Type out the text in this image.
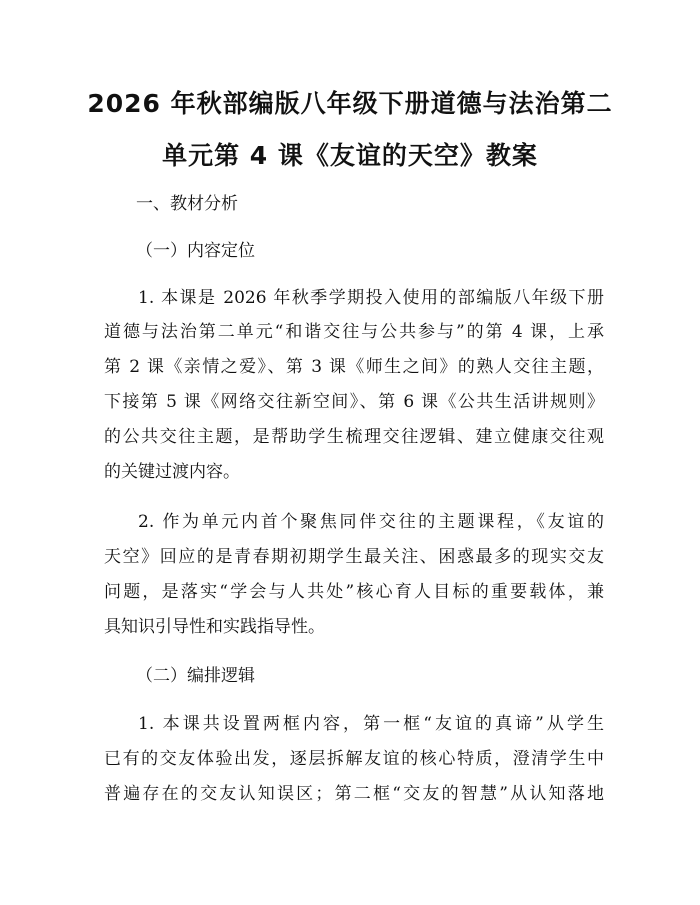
2026 年秋部编版八年级下册道德与法治第二
单元第 4 课《友谊的天空》教案
一、教材分析
（一）内容定位
1. 本课是 2026 年秋季学期投入使用的部编版八年级下册
道德与法治第二单元“和谐交往与公共参与”的第 4 课，上承
第 2 课《亲情之爱》、第 3 课《师生之间》的熟人交往主题，
下接第 5 课《网络交往新空间》、第 6 课《公共生活讲规则》
的公共交往主题，是帮助学生梳理交往逻辑、建立健康交往观
的关键过渡内容。
2. 作为单元内首个聚焦同伴交往的主题课程，《友谊的
天空》回应的是青春期初期学生最关注、困惑最多的现实交友
问题，是落实“学会与人共处”核心育人目标的重要载体，兼
具知识引导性和实践指导性。
（二）编排逻辑
1. 本课共设置两框内容，第一框“友谊的真谛”从学生
已有的交友体验出发，逐层拆解友谊的核心特质，澄清学生中
普遍存在的交友认知误区；第二框“交友的智慧”从认知落地
